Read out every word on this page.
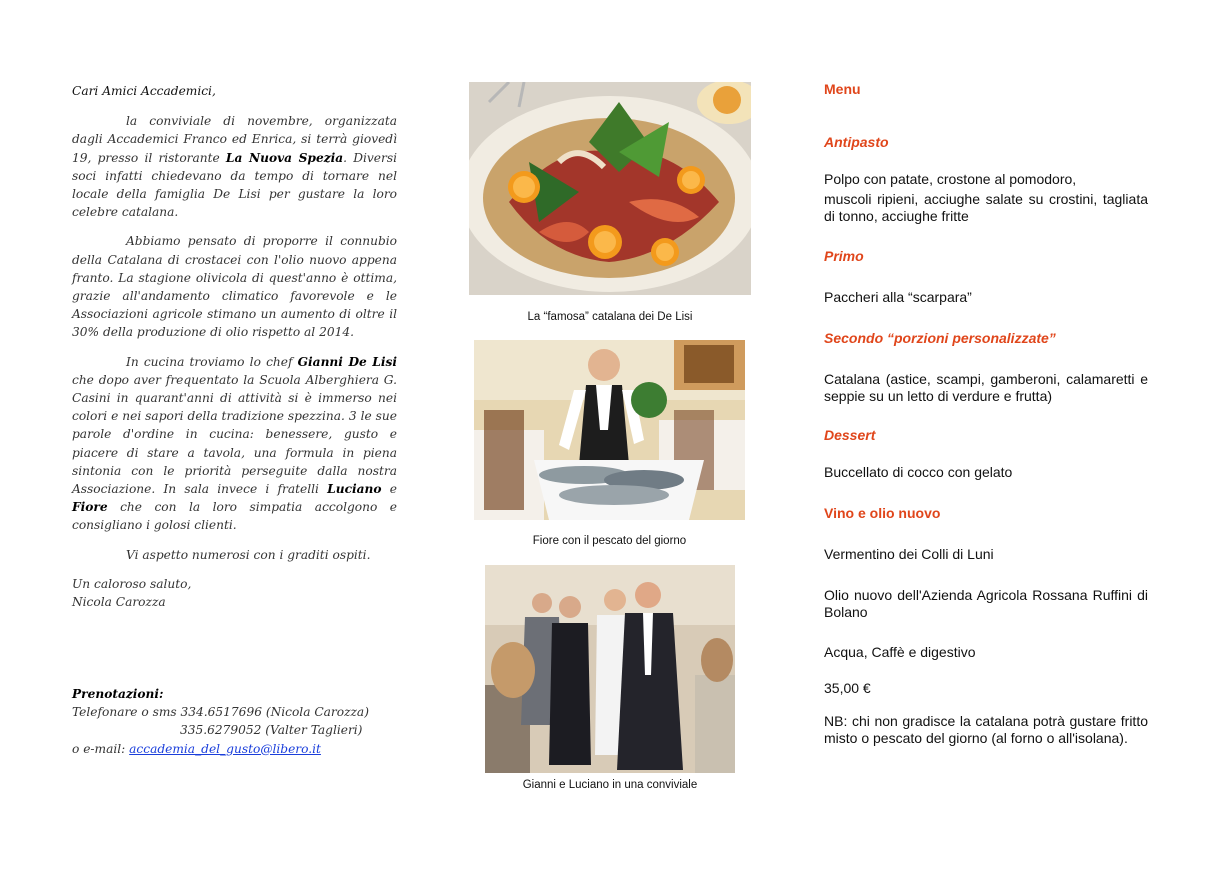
Cari Amici Accademici,

la conviviale di novembre, organizzata dagli Accademici Franco ed Enrica, si terrà giovedì 19, presso il ristorante La Nuova Spezia. Diversi soci infatti chiedevano da tempo di tornare nel locale della famiglia De Lisi per gustare la loro celebre catalana.

Abbiamo pensato di proporre il connubio della Catalana di crostacei con l'olio nuovo appena franto. La stagione olivicola di quest'anno è ottima, grazie all'andamento climatico favorevole e le Associazioni agricole stimano un aumento di oltre il 30% della produzione di olio rispetto al 2014.

In cucina troviamo lo chef Gianni De Lisi che dopo aver frequentato la Scuola Alberghiera G. Casini in quarant'anni di attività si è immerso nei colori e nei sapori della tradizione spezzina. 3 le sue parole d'ordine in cucina: benessere, gusto e piacere di stare a tavola, una formula in piena sintonia con le priorità perseguite dalla nostra Associazione. In sala invece i fratelli Luciano e Fiore che con la loro simpatia accolgono e consigliano i golosi clienti.

Vi aspetto numerosi con i graditi ospiti.

Un caloroso saluto,
Nicola Carozza
Prenotazioni:
Telefonare o sms 334.6517696 (Nicola Carozza)
335.6279052 (Valter Taglieri)
o e-mail: accademia_del_gusto@libero.it
La “famosa” catalana dei De Lisi
Fiore con il pescato del giorno
Gianni e Luciano in una conviviale
Menu
Antipasto
Polpo con patate, crostone al pomodoro,
muscoli ripieni, acciughe salate su crostini, tagliata di tonno, acciughe fritte
Primo
Paccheri alla “scarpara”
Secondo “porzioni personalizzate”
Catalana (astice, scampi, gamberoni, calamaretti e seppie su un letto di verdure e frutta)
Dessert
Buccellato di cocco con gelato
Vino e olio nuovo
Vermentino dei Colli di Luni
Olio nuovo dell'Azienda Agricola Rossana Ruffini di Bolano
Acqua, Caffè e digestivo
35,00 €
NB: chi non gradisce la catalana potrà gustare fritto misto o pescato del giorno (al forno o all'isolana).
